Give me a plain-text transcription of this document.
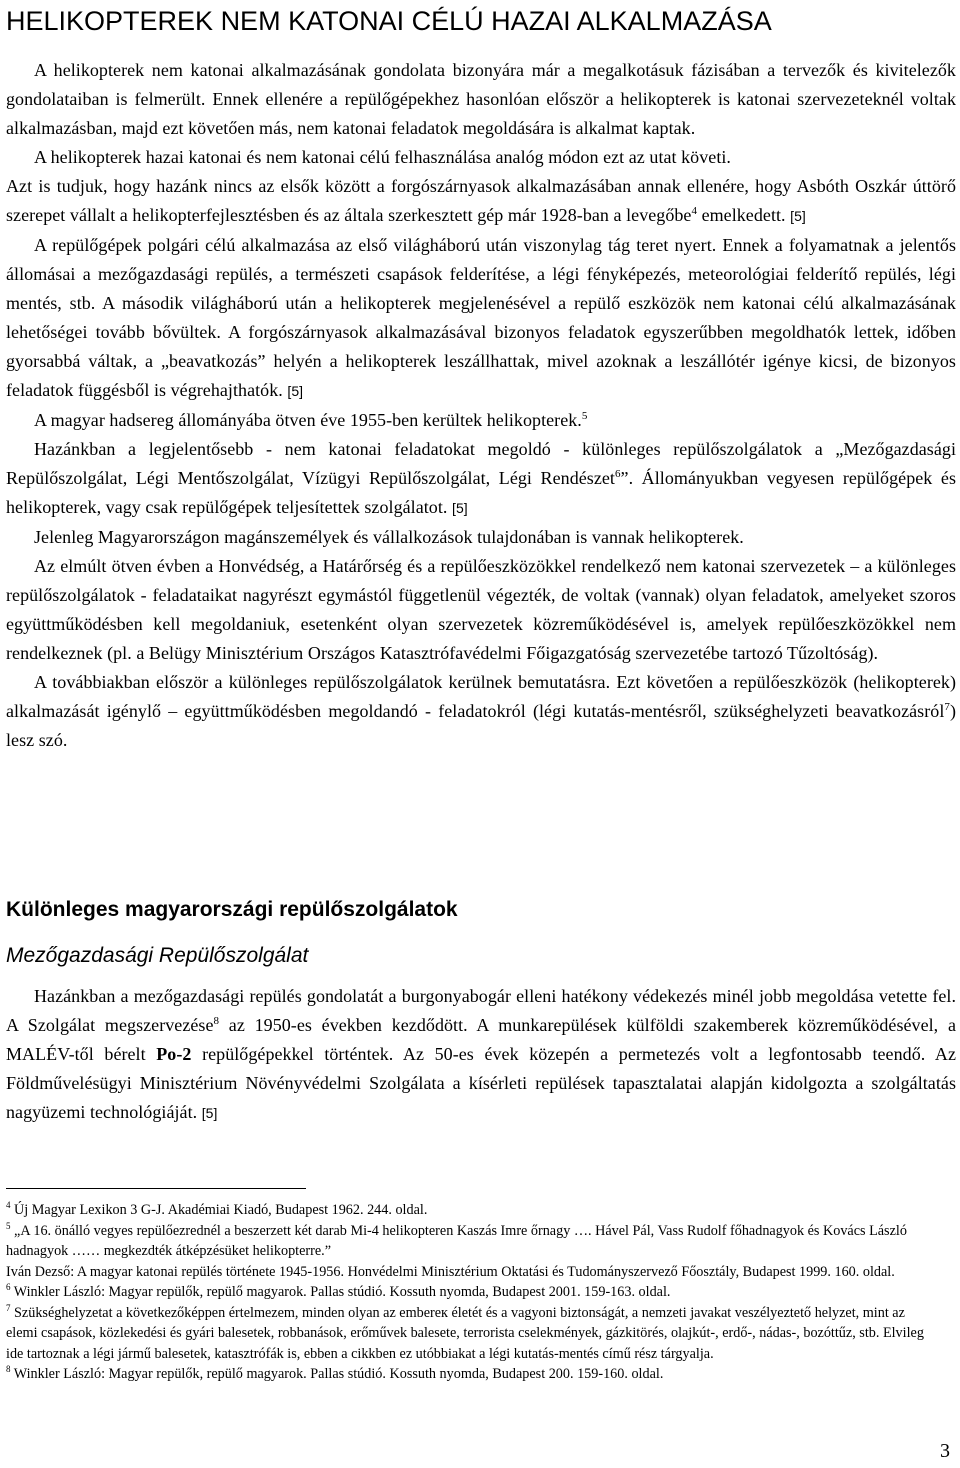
HELIKOPTEREK NEM KATONAI CÉLÚ HAZAI ALKALMAZÁSA

A helikopterek nem katonai alkalmazásának gondolata bizonyára már a megalkotásuk fázisában a tervezők és kivitelezők gondolataiban is felmerült. Ennek ellenére a repülőgépekhez hasonlóan először a helikopterek is katonai szervezeteknél voltak alkalmazásban, majd ezt követően más, nem katonai feladatok megoldására is alkalmat kaptak.

A helikopterek hazai katonai és nem katonai célú felhasználása analóg módon ezt az utat követi.

Azt is tudjuk, hogy hazánk nincs az elsők között a forgószárnyasok alkalmazásában annak ellenére, hogy Asbóth Oszkár úttörő szerepet vállalt a helikopterfejlesztésben és az általa szerkesztett gép már 1928-ban a levegőbe$^4$ emelkedett. [5]

A repülőgépek polgári célú alkalmazása az első világháború után viszonylag tág teret nyert. Ennek a folyamatnak a jelentős állomásai a mezőgazdasági repülés, a természeti csapások felderítése, a légi fényképezés, meteorológiai felderítő repülés, légi mentés, stb. A második világháború után a helikopterek megjelenésével a repülő eszközök nem katonai célú alkalmazásának lehetőségei tovább bővültek. A forgószárnyasok alkalmazásával bizonyos feladatok egyszerűbben megoldhatók lettek, időben gyorsabbá váltak, a „beavatkozás” helyén a helikopterek leszállhattak, mivel azoknak a leszállótér igénye kicsi, de bizonyos feladatok függésből is végrehajthatók. [5]

A magyar hadsereg állományába ötven éve 1955-ben kerültek helikopterek.$^5$

Hazánkban a legjelentősebb - nem katonai feladatokat megoldó - különleges repülőszolgálatok a „Mezőgazdasági Repülőszolgálat, Légi Mentőszolgálat, Vízügyi Repülőszolgálat, Légi Rendészet$^6$”. Állományukban vegyesen repülőgépek és helikopterek, vagy csak repülőgépek teljesítettek szolgálatot. [5]

Jelenleg Magyarországon magánszemélyek és vállalkozások tulajdonában is vannak helikopterek.

Az elmúlt ötven évben a Honvédség, a Határőrség és a repülőeszközökkel rendelkező nem katonai szervezetek – a különleges repülőszolgálatok - feladataikat nagyrészt egymástól függetlenül végezték, de voltak (vannak) olyan feladatok, amelyeket szoros együttműködésben kell megoldaniuk, esetenként olyan szervezetek közreműködésével is, amelyek repülőeszközökkel nem rendelkeznek (pl. a Belügy Minisztérium Országos Katasztrófavédelmi Főigazgatóság szervezetébe tartozó Tűzoltóság).

A továbbiakban először a különleges repülőszolgálatok kerülnek bemutatásra. Ezt követően a repülőeszközök (helikopterek) alkalmazását igénylő – együttműködésben megoldandó - feladatokról (légi kutatás-mentésről, szükséghelyzeti beavatkozásról$^7$) lesz szó.

Különleges magyarországi repülőszolgálatok
Mezőgazdasági Repülőszolgálat

Hazánkban a mezőgazdasági repülés gondolatát a burgonyabogár elleni hatékony védekezés minél jobb megoldása vetette fel. A Szolgálat megszervezése$^8$ az 1950-es években kezdődött. A munkarepülések külföldi szakemberek közreműködésével, a MALÉV-től bérelt Po-2 repülőgépekkel történtek. Az 50-es évek közepén a permetezés volt a legfontosabb teendő. Az Földművelésügyi Minisztérium Növényvédelmi Szolgálata a kísérleti repülések tapasztalatai alapján kidolgozta a szolgáltatás nagyüzemi technológiáját. [5]

$^4$ Új Magyar Lexikon 3 G-J. Akadémiai Kiadó, Budapest 1962. 244. oldal.
$^5$ „A 16. önálló vegyes repülőezrednél a beszerzett két darab Mi-4 helikopteren Kaszás Imre őrnagy …. Hável Pál, Vass Rudolf főhadnagyok és Kovács László hadnagyok …… megkezdték átképzésüket helikopterre.”
Iván Dezső: A magyar katonai repülés története 1945-1956. Honvédelmi Minisztérium Oktatási és Tudományszervező Főosztály, Budapest 1999. 160. oldal.
$^6$ Winkler László: Magyar repülők, repülő magyarok. Pallas stúdió. Kossuth nyomda, Budapest 2001. 159-163. oldal.
$^7$ Szükséghelyzetat a következőképpen értelmezem, minden olyan az embereк életét és a vagyoni biztonságát, a nemzeti javakat veszélyeztető helyzet, mint az elemi csapások, közlekedési és gyári balesetek, robbanások, erőművek balesete, terrorista cselekmények, gázkitörés, olajkút-, erdő-, nádas-, bozóttűz, stb. Elvileg ide tartoznak a légi jármű balesetek, katasztrófák is, ebben a cikkben ez utóbbiakat a légi kutatás-mentés című rész tárgyalja.
$^8$ Winkler László: Magyar repülők, repülő magyarok. Pallas stúdió. Kossuth nyomda, Budapest 200. 159-160. oldal.
3
